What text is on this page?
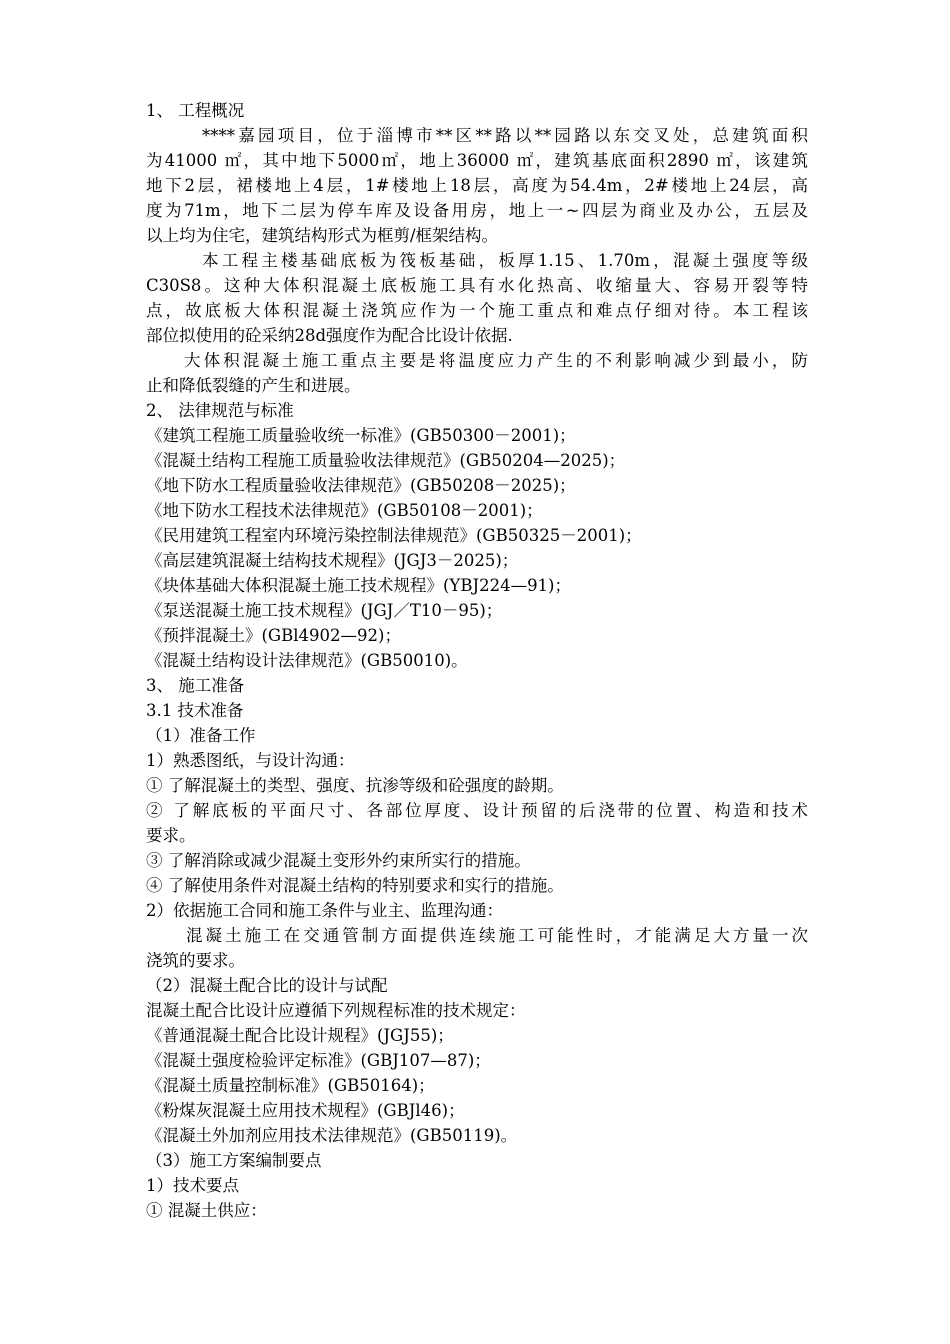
1、 工程概况
****嘉园项目，位于淄博市**区**路以**园路以东交叉处，总建筑面积
为41000 ㎡，其中地下5000㎡，地上36000 ㎡，建筑基底面积2890 ㎡，该建筑
地下2层，裙楼地上4层，1#楼地上18层，高度为54.4m，2#楼地上24层，高
度为71m，地下二层为停车库及设备用房，地上一~四层为商业及办公，五层及
以上均为住宅，建筑结构形式为框剪/框架结构。
本工程主楼基础底板为筏板基础，板厚1.15、1.70m，混凝土强度等级
C30S8。这种大体积混凝土底板施工具有水化热高、收缩量大、容易开裂等特
点，故底板大体积混凝土浇筑应作为一个施工重点和难点仔细对待。本工程该
部位拟使用的砼采纳28d强度作为配合比设计依据.
大体积混凝土施工重点主要是将温度应力产生的不利影响减少到最小，防
止和降低裂缝的产生和进展。
2、 法律规范与标准
《建筑工程施工质量验收统一标准》(GB50300－2001)；
《混凝土结构工程施工质量验收法律规范》(GB50204—2025)；
《地下防水工程质量验收法律规范》(GB50208－2025)；
《地下防水工程技术法律规范》(GB50108－2001)；
《民用建筑工程室内环境污染控制法律规范》(GB50325－2001)；
《高层建筑混凝土结构技术规程》(JGJ3－2025)；
《块体基础大体积混凝土施工技术规程》(YBJ224—91)；
《泵送混凝土施工技术规程》(JGJ／T10－95)；
《预拌混凝土》(GBl4902—92)；
《混凝土结构设计法律规范》(GB50010)。
3、 施工准备
3.1 技术准备
（1）准备工作
1）熟悉图纸，与设计沟通：
① 了解混凝土的类型、强度、抗渗等级和砼强度的龄期。
② 了解底板的平面尺寸、各部位厚度、设计预留的后浇带的位置、构造和技术
要求。
③ 了解消除或减少混凝土变形外约束所实行的措施。
④ 了解使用条件对混凝土结构的特别要求和实行的措施。
2）依据施工合同和施工条件与业主、监理沟通：
混凝土施工在交通管制方面提供连续施工可能性时，才能满足大方量一次
浇筑的要求。
（2）混凝土配合比的设计与试配
混凝土配合比设计应遵循下列规程标准的技术规定：
《普通混凝土配合比设计规程》(JGJ55)；
《混凝土强度检验评定标准》(GBJ107—87)；
《混凝土质量控制标准》(GB50164)；
《粉煤灰混凝土应用技术规程》(GBJl46)；
《混凝土外加剂应用技术法律规范》(GB50119)。
（3）施工方案编制要点
1）技术要点
① 混凝土供应：
